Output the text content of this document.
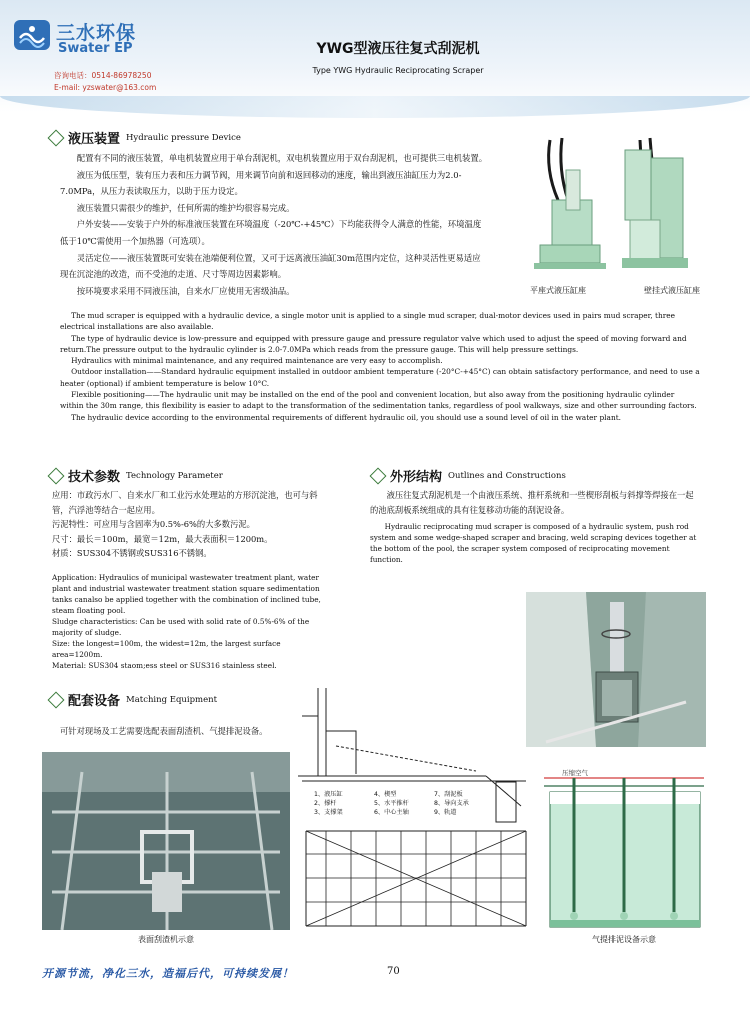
三水环保
Swater EP
咨询电话：0514-86978250
E-mail: yzswater@163.com
YWG型液压往复式刮泥机
Type YWG Hydraulic Reciprocating Scraper
液压装置 Hydraulic pressure Device

配置有不同的液压装置，单电机装置应用于单台刮泥机，双电机装置应用于双台刮泥机，也可提供三电机装置。

液压为低压型，装有压力表和压力调节阀，用来调节向前和返回移动的速度，输出到液压油缸压力为2.0-7.0MPa，从压力表读取压力，以助于压力设定。

液压装置只需很少的维护，任何所需的维护均很容易完成。

户外安装——安装于户外的标准液压装置在环境温度（-20℃-+45℃）下均能获得令人满意的性能，环境温度低于10℃需使用一个加热器（可选项）。

灵活定位——液压装置既可安装在池端便利位置，又可于远离液压油缸30m范围内定位，这种灵活性更易适应现在沉淀池的改造，而不受池的走道、尺寸等周边因素影响。

按环境要求采用不同液压油，自来水厂应使用无害级油品。	平座式液压缸座	壁挂式液压缸座

The mud scraper is equipped with a hydraulic device, a single motor unit is applied to a single mud scraper, dual-motor devices used in pairs mud scraper, three electrical installations are also available.

The type of hydraulic device is low-pressure and equipped with pressure gauge and pressure regulator valve which used to adjust the speed of moving forward and return.The pressure output to the hydraulic cylinder is 2.0-7.0MPa which reads from the pressure gauge. This will help pressure settings.

Hydraulics with minimal maintenance, and any required maintenance are very easy to accomplish.

Outdoor installation——Standard hydraulic equipment installed in outdoor ambient temperature (-20°C-+45°C) can obtain satisfactory performance, and need to use a heater (optional) if ambient temperature is below 10°C.

Flexible positioning——The hydraulic unit may be installed on the end of the pool and convenient location, but also away from the positioning hydraulic cylinder within the 30m range, this flexibility is easier to adapt to the transformation of the sedimentation tanks, regardless of pool walkways, size and other surrounding factors.

The hydraulic device according to the environmental requirements of different hydraulic oil, you should use a sound level of oil in the water plant.

技术参数 Technology Parameter

应用：市政污水厂、自来水厂和工业污水处理站的方形沉淀池，也可与斜管，汽浮池等结合一起应用。

污泥特性：可应用与含固率为0.5%-6%的大多数污泥。

尺寸：最长＝100m，最宽＝12m，最大表面积＝1200m。

材质：SUS304不锈钢或SUS316不锈钢。

Application: Hydraulics of municipal wastewater treatment plant, water plant and industrial wastewater treatment station square sedimentation tanks canalso be applied together with the combination of inclined tube, steam floating pool.

Sludge characteristics: Can be used with solid rate of 0.5%-6% of the majority of sludge.

Size: the longest=100m, the widest=12m, the largest surface area=1200m.

Material: SUS304 staom;ess steel or SUS316 stainless steel.

外形结构 Outlines and Constructions

液压往复式刮泥机是一个由液压系统、推杆系统和一些楔形刮板与斜撑等焊接在一起的池底刮板系统组成的具有往复移动功能的刮泥设备。

Hydraulic reciprocating mud scraper is composed of a hydraulic system, push rod system and some wedge-shaped scraper and bracing, weld scraping devices together at the bottom of the pool, the scraper system composed of reciprocating movement function.

配套设备 Matching Equipment
可针对现场及工艺需要选配表面刮渣机、气提排泥设备。
表面刮渣机示意
1、液压缸	4、楔型	7、刮泥板
2、撑杆	5、水平推杆	8、导向支承
3、支撑架	6、中心主轴	9、轨道
压缩空气
气提排泥设备示意
开源节流，净化三水，造福后代，可持续发展！	70
